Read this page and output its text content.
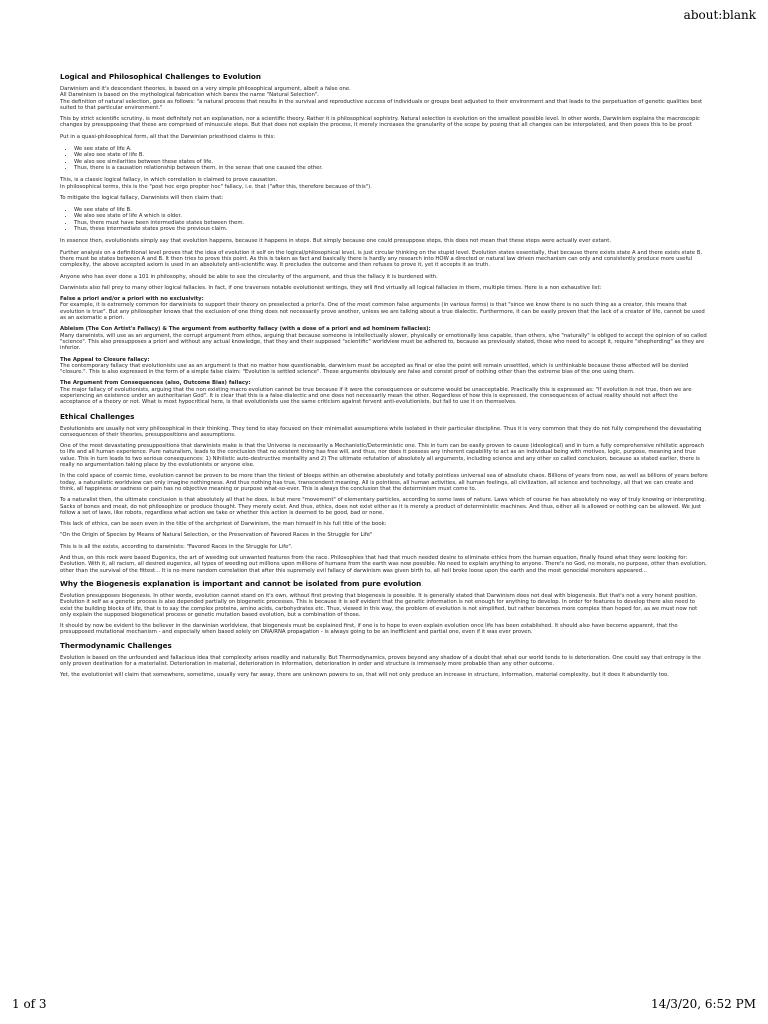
about:blank
Logical and Philosophical Challenges to Evolution
Darwinism and it's descendant theories, is based on a very simple philosophical argument, albeit a false one.
All Darwinism is based on the mythological fabrication which bares the name "Natural Selection".
The definition of natural selection, goes as follows: "a natural process that results in the survival and reproductive success of individuals or groups best adjusted to their environment and that leads to the perpetuation of genetic qualities best suited to that particular environment."

This by strict scientific scrutiny, is most definitely not an explanation, nor a scientific theory. Rather it is philosophical sophistry. Natural selection is evolution on the smallest possible level. In other words, Darwinism explains the macroscopic changes by presupposing that these are comprised of minuscule steps. But that does not explain the process, it merely increases the granularity of the scope by posing that all changes can be interpolated, and then poses this to be proof.

Put in a quasi-philosophical form, all that the Darwinian priesthood claims is this:

• We see state of life A.
• We also see state of life B.
• We also see similarities between these states of life.
• Thus, there is a causation relationship between them, in the sense that one caused the other.
This, is a classic logical fallacy, in which correlation is claimed to prove causation.
In philosophical terms, this is the "post hoc ergo propter hoc" fallacy, i.e. that ("after this, therefore because of this").

To mitigate the logical fallacy, Darwinists will then claim that:

• We see state of life B.
• We also see state of life A which is older.
• Thus, there must have been intermediate states between them.
• Thus, these intermediate states prove the previous claim.

In essence then, evolutionists simply say that evolution happens, because it happens in steps. But simply because one could presuppose steps, this does not mean that these steps were actually ever extant.

Further analysis on a definitional level proves that the idea of evolution it self on the logical/philosophical level, is just circular thinking on the stupid level. Evolution states essentially, that because there exists state A and there exists state B, there must be states between A and B. It then tries to prove this point. As this is taken as fact and basically there is hardly any research into HOW a directed or natural law driven mechanism can only and consistently produce more useful complexity, the above accepted axiom is used in an absolutely anti-scientific way. It precludes the outcome and then refuses to prove it, yet it accepts it as truth.

Anyone who has ever done a 101 in philosophy, should be able to see the circularity of the argument, and thus the fallacy it is burdened with.

Darwinists also fall prey to many other logical fallacies. In fact, if one traverses notable evolutionist writings, they will find virtually all logical fallacies in them, multiple times. Here is a non exhaustive list:

False a priori and/or a priori with no exclusivity:
For example, it is extremely common for darwinists to support their theory on preselected a priori's. One of the most common false arguments (in various forms) is that "since we know there is no such thing as a creator, this means that evolution is true". But any philosopher knows that the exclusion of one thing does not necessarily prove another, unless we are talking about a true dialectic. Furthermore, it can be easily proven that the lack of a creator of life, cannot be used as an axiomatic a priori.
Ableism (The Con Artist's Fallacy) & The argument from authority fallacy (with a dose of a priori and ad hominem fallacies):
Many darwinists, will use as an argument, the corrupt argument from ethos, arguing that because someone is intellectually slower, physically or emotionally less capable, than others, s/he "naturally" is obliged to accept the opinion of so called "science". This also presupposes a priori and without any actual knowledge, that they and their supposed "scientific" worldview must be adhered to, because as previously stated, those who need to accept it, require "shepherding" as they are inferior.
The Appeal to Closure fallacy:
The contemporary fallacy that evolutionists use as an argument is that no matter how questionable, darwinism must be accepted as final or else the point will remain unsettled, which is unthinkable because those affected will be denied "closure.". This is also expressed in the form of a simple false claim: "Evolution is settled science". These arguments obviously are false and consist proof of nothing other than the extreme bias of the one using them.
The Argument from Consequences (also, Outcome Bias) fallacy:
The major fallacy of evolutionists, arguing that the non existing macro evolution cannot be true because if it were the consequences or outcome would be unacceptable. Practically this is expressed as: "If evolution is not true, then we are experiencing an existence under an authoritarian God". It is clear that this is a false dialectic and one does not necessarily mean the other. Regardless of how this is expressed, the consequences of actual reality should not affect the acceptance of a theory or not. What is most hypocritical here, is that evolutionists use the same criticism against fervent anti-evolutionists, but fail to use it on themselves.
Ethical Challenges

Evolutionists are usually not very philosophical in their thinking. They tend to stay focused on their minimalist assumptions while isolated in their particular discipline. Thus it is very common that they do not fully comprehend the devastating consequences of their theories, presuppositions and assumptions.

One of the most devastating presuppositions that darwinists make is that the Universe is necessarily a Mechanistic/Deterministic one. This in turn can be easily proven to cause (ideological) and in turn a fully comprehensive nihilistic approach to life and all human experience. Pure naturalism, leads to the conclusion that no existent thing has free will, and thus, nor does it possess any inherent capability to act as an individual being with motives, logic, purpose, meaning and true value. This in turn leads to two serious consequences: 1) Nihilistic auto-destructive mentality and 2) The ultimate refutation of absolutely all arguments, including science and any other so called conclusion, because as stated earlier, there is really no argumentation taking place by the evolutionists or anyone else.

In the cold space of cosmic time, evolution cannot be proven to be more than the tiniest of bleeps within an otherwise absolutely and totally pointless universal sea of absolute chaos. Billions of years from now, as well as billions of years before today, a naturalistic worldview can only imagine nothingness. And thus nothing has true, transcendent meaning. All is pointless, all human activities, all human feelings, all civilization, all science and technology, all that we can create and think, all happiness or sadness or pain has no objective meaning or purpose what-so-ever. This is always the conclusion that the determinism must come to.

To a naturalist then, the ultimate conclusion is that absolutely all that he does, is but mere "movement" of elementary particles, according to some laws of nature. Laws which of course he has absolutely no way of truly knowing or interpreting. Sacks of bones and meat, do not philosophize or produce thought. They merely exist. And thus, ethics, does not exist either as it is merely a product of deterministic machines. And thus, either all is allowed or nothing can be allowed. We just follow a set of laws, like robots, regardless what action we take or whether this action is deemed to be good, bad or none.

This lack of ethics, can be seen even in the title of the archpriest of Darwinism, the man himself in his full title of the book:

"On the Origin of Species by Means of Natural Selection, or the Preservation of Favored Races in the Struggle for Life"

This is is all the exists, according to darwinists: "Favored Races in the Struggle for Life".

And thus, on this rock were based Eugenics, the art of weeding out unwanted features from the race. Philosophies that had that much needed desire to eliminate ethics from the human equation, finally found what they were looking for: Evolution. With it, all racism, all desired eugenics, all types of weeding out millions upon millions of humans from the earth was now possible. No need to explain anything to anyone. There's no God, no morals, no purpose, other than evolution, other than the survival of the fittest... It is no mere random correlation that after this supremely evil fallacy of darwinism was given birth to, all hell broke loose upon the earth and the most genocidal monsters appeared...

Why the Biogenesis explanation is important and cannot be isolated from pure evolution

Evolution presupposes biogenesis. In other words, evolution cannot stand on it's own, without first proving that biogenesis is possible. It is generally stated that Darwinism does not deal with biogenesis. But that's not a very honest position. Evolution it self as a genetic process is also depended partially on biogenetic processes. This is because it is self evident that the genetic information is not enough for anything to develop. In order for features to develop there also need to exist the building blocks of life, that is to say the complex proteins, amino acids, carbohydrates etc. Thus, viewed in this way, the problem of evolution is not simplified, but rather becomes more complex than hoped for, as we must now not only explain the supposed biogenetical process or genetic mutation based evolution, but a combination of those.

It should by now be evident to the believer in the darwinian worldview, that biogenesis must be explained first, if one is to hope to even explain evolution once life has been established. It should also have become apparent, that the presupposed mutational mechanism - and especially when based solely on DNA/RNA propagation - is always going to be an inefficient and partial one, even if it was ever proven.

Thermodynamic Challenges

Evolution is based on the unfounded and fallacious idea that complexity arises readily and naturally. But Thermodynamics, proves beyond any shadow of a doubt that what our world tends to is deterioration. One could say that entropy is the only proven destination for a materialist. Deterioration in material, deterioration in information, deterioration in order and structure is immensely more probable than any other outcome.

Yet, the evolutionist will claim that somewhere, sometime, usually very far away, there are unknown powers to us, that will not only produce an increase in structure, information, material complexity, but it does it abundantly too.

1 of 3	14/3/20, 6:52 PM
